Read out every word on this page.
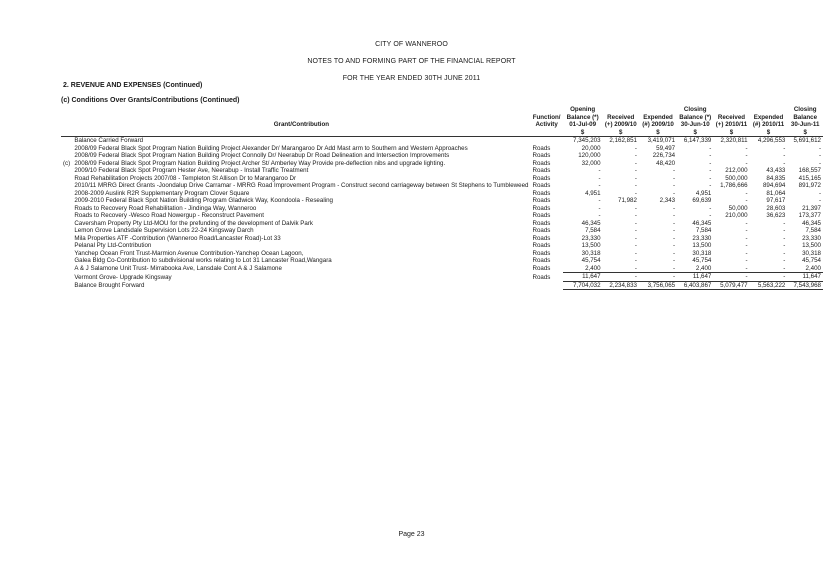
CITY OF WANNEROO
NOTES TO AND FORMING PART OF THE FINANCIAL REPORT
FOR THE YEAR ENDED 30TH JUNE 2011
2. REVENUE AND EXPENSES (Continued)
(c) Conditions Over Grants/Contributions (Continued)
	Grant/Contribution	Function/ Activity	Opening Balance (*) 01-Jul-09	Received (+) 2009/10	Expended (#) 2009/10	Closing Balance (*) 30-Jun-10	Received (+) 2010/11	Expended (#) 2010/11	Closing Balance 30-Jun-11
			$	$	$	$	$	$	$
	Balance Carried Forward		7,345,203	2,162,851	3,419,071	6,147,339	2,320,811	4,296,553	5,691,612
	2008/09 Federal Black Spot Program Nation Building Project Alexander Dr/ Marangaroo Dr Add Mast arm to Southern and Western Approaches	Roads	20,000	-	59,497	-	-	-	-
	2008/09 Federal Black Spot Program Nation Building Project Connolly Dr/ Neerabup Dr Road Delineation and Intersection Improvements	Roads	120,000	-	226,734	-	-	-	-
(c)	2008/09 Federal Black Spot Program Nation Building Project Archer St/ Amberley Way Provide pre-deflection nibs and upgrade lighting.	Roads	32,000	-	48,420	-	-	-	-
	2009/10 Federal Black Spot Program Hester Ave, Neerabup - Install Traffic Treatment	Roads	-	-	-	-	212,000	43,433	168,557
	Road Rehabilitation Projects 2007/08 - Templeton St Allison Dr to Marangaroo Dr	Roads	-	-	-	-	500,000	84,835	415,165
	2010/11 MRRG Direct Grants -Joondalup Drive Carramar - MRRG Road Improvement Program - Construct second carriageway between St Stephens to Tumbleweed	Roads	-	-	-	-	1,786,666	894,694	891,972
	2008-2009 Auslink R2R Supplementary Program Clover Square	Roads	4,951	-	-	4,951	-	81,064	-
	2009-2010 Federal Black Spot Nation Building Program Gladwick Way, Koondoola - Resealing	Roads	-	71,982	2,343	69,639	-	97,617	-
	Roads to Recovery Road Rehabilitation - Jindinga Way, Wanneroo	Roads	-	-	-	-	50,000	28,603	21,397
	Roads to Recovery -Wesco Road Nowergup - Reconstruct Pavement	Roads	-	-	-	-	210,000	36,623	173,377
	Caversham Property Pty Ltd-MOU for the prefunding of the development of Dalvik Park	Roads	46,345	-	-	46,345	-	-	46,345
	Lemon Grove Landsdale Supervision Lots 22-24 Kingsway Darch	Roads	7,584	-	-	7,584	-	-	7,584
	Mila Properties ATF -Contribution (Wanneroo Road/Lancaster Road)-Lot 33	Roads	23,330	-	-	23,330	-	-	23,330
	Pelanal Pty Ltd-Contribution	Roads	13,500	-	-	13,500	-	-	13,500
	Yanchep Ocean Front Trust-Marmion Avenue Contribution-Yanchep Ocean Lagoon,	Roads	30,318	-	-	30,318	-	-	30,318
	Galea Bldg Co-Contribution to subdivisional works relating to Lot 31 Lancaster Road,Wangara	Roads	45,754	-	-	45,754	-	-	45,754
	A & J Salamone Unit Trust- Mirrabooka Ave, Lansdale Cont A & J Salamone	Roads	2,400	-	-	2,400	-	-	2,400
	Vermont Grove- Upgrade Kingsway	Roads	11,647	-	-	11,647	-	-	11,647
	Balance Brought Forward		7,704,032	2,234,833	3,756,065	6,403,867	5,079,477	5,563,222	7,543,968
Page 23
